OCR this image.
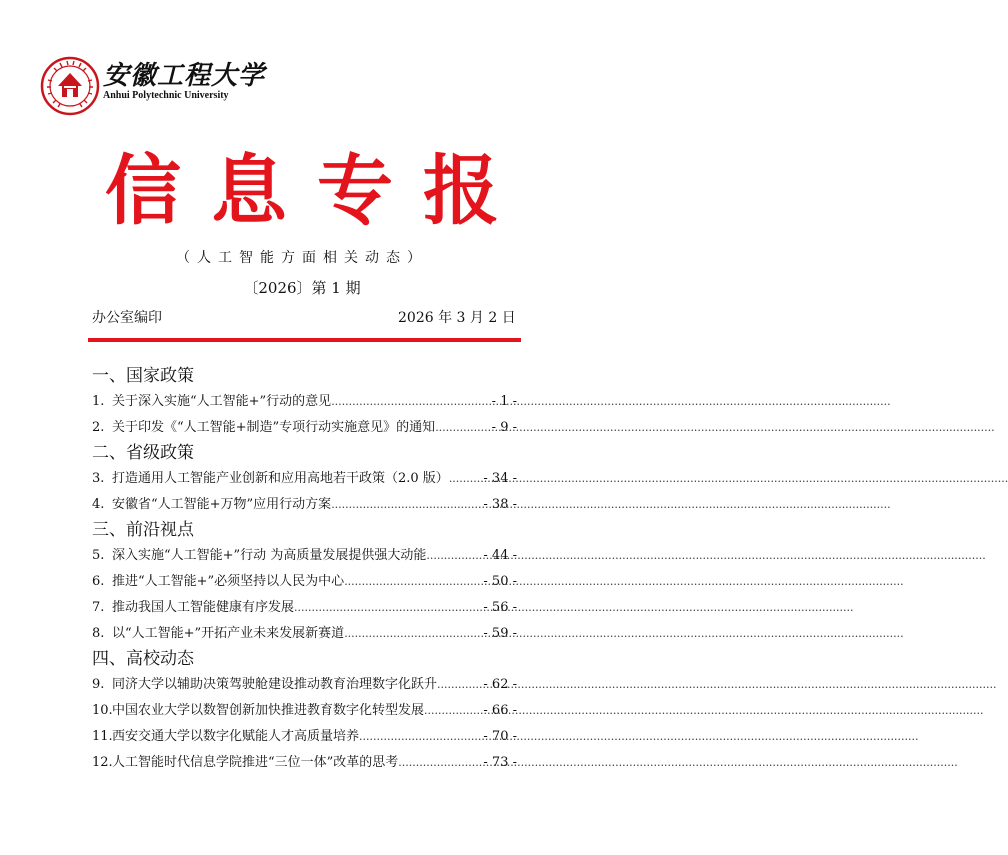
安徽工程大学
Anhui Polytechnic University
信息专报
（人工智能方面相关动态）
〔2026〕第 1 期
办公室编印	2026 年 3 月 2 日
一、国家政策
1. 关于深入实施“人工智能+”行动的意见 .....	- 1 -
2. 关于印发《“人工智能+制造”专项行动实施意见》的通知 .....	- 9 -
二、省级政策
3. 打造通用人工智能产业创新和应用高地若干政策（2.0 版） .....	- 34 -
4. 安徽省“人工智能+万物”应用行动方案 .....	- 38 -
三、前沿视点
5. 深入实施“人工智能+”行动 为高质量发展提供强大动能 .....	- 44 -
6. 推进“人工智能+”必须坚持以人民为中心 .....	- 50 -
7. 推动我国人工智能健康有序发展 .....	- 56 -
8. 以“人工智能+”开拓产业未来发展新赛道 .....	- 59 -
四、高校动态
9. 同济大学以辅助决策驾驶舱建设推动教育治理数字化跃升 .....	- 62 -
10. 中国农业大学以数智创新加快推进教育数字化转型发展 .....	- 66 -
11. 西安交通大学以数字化赋能人才高质量培养 .....	- 70 -
12. 人工智能时代信息学院推进“三位一体”改革的思考 .....	- 73 -
